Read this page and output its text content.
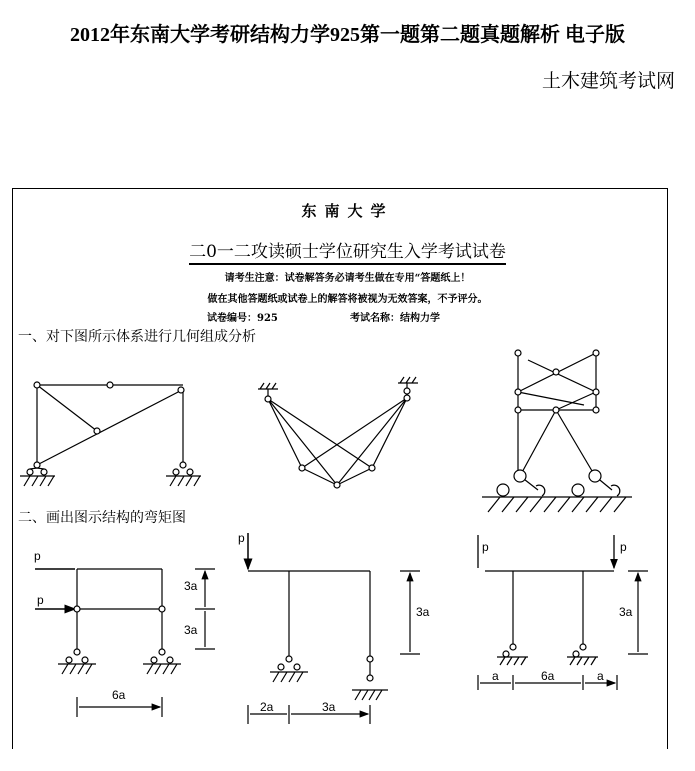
2012年东南大学考研结构力学925第一题第二题真题解析 电子版
土木建筑考试网
东南大学
二0一二攻读硕士学位研究生入学考试试卷
请考生注意：试卷解答务必请考生做在专用“答题纸上！
做在其他答题纸或试卷上的解答将被视为无效答案，不予评分。
试卷编号：925	考试名称：结构力学
一、对下图所示体系进行几何组成分析
二、画出图示结构的弯矩图
p
p
3a
3a
6a
p
3a
2a	3a
p	p
3a
a	6a	a
